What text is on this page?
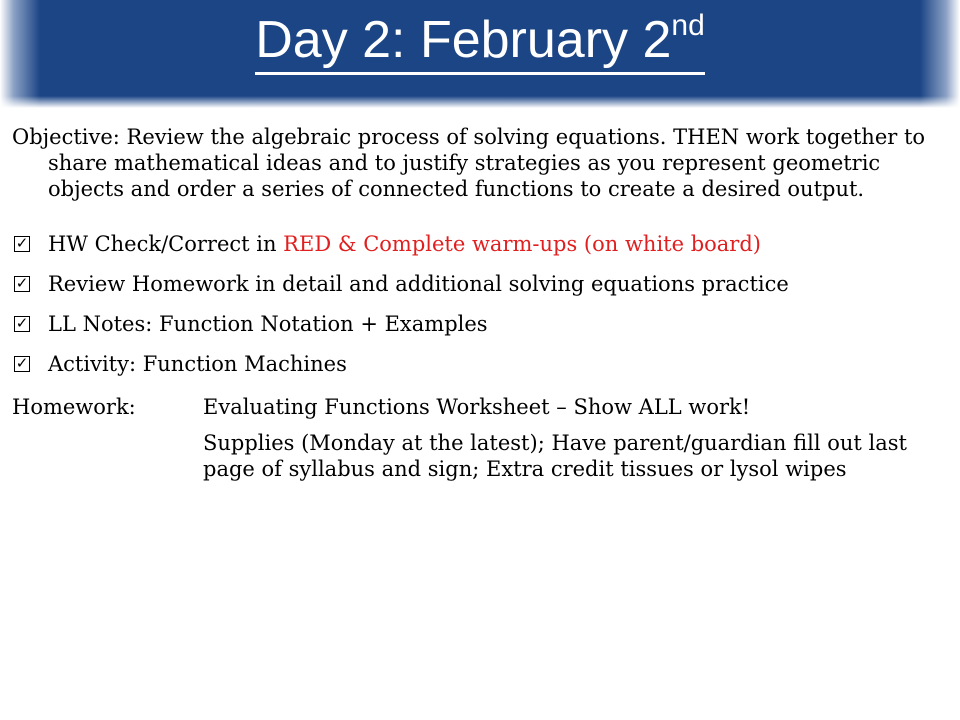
Day 2: February 2nd

Objective: Review the algebraic process of solving equations. THEN work together to share mathematical ideas and to justify strategies as you represent geometric objects and order a series of connected functions to create a desired output.

✓ HW Check/Correct in RED & Complete warm-ups (on white board)
✓ Review Homework in detail and additional solving equations practice
✓ LL Notes: Function Notation + Examples
✓ Activity: Function Machines
Homework:	Evaluating Functions Worksheet – Show ALL work!
Supplies (Monday at the latest); Have parent/guardian fill out last page of syllabus and sign; Extra credit tissues or lysol wipes
